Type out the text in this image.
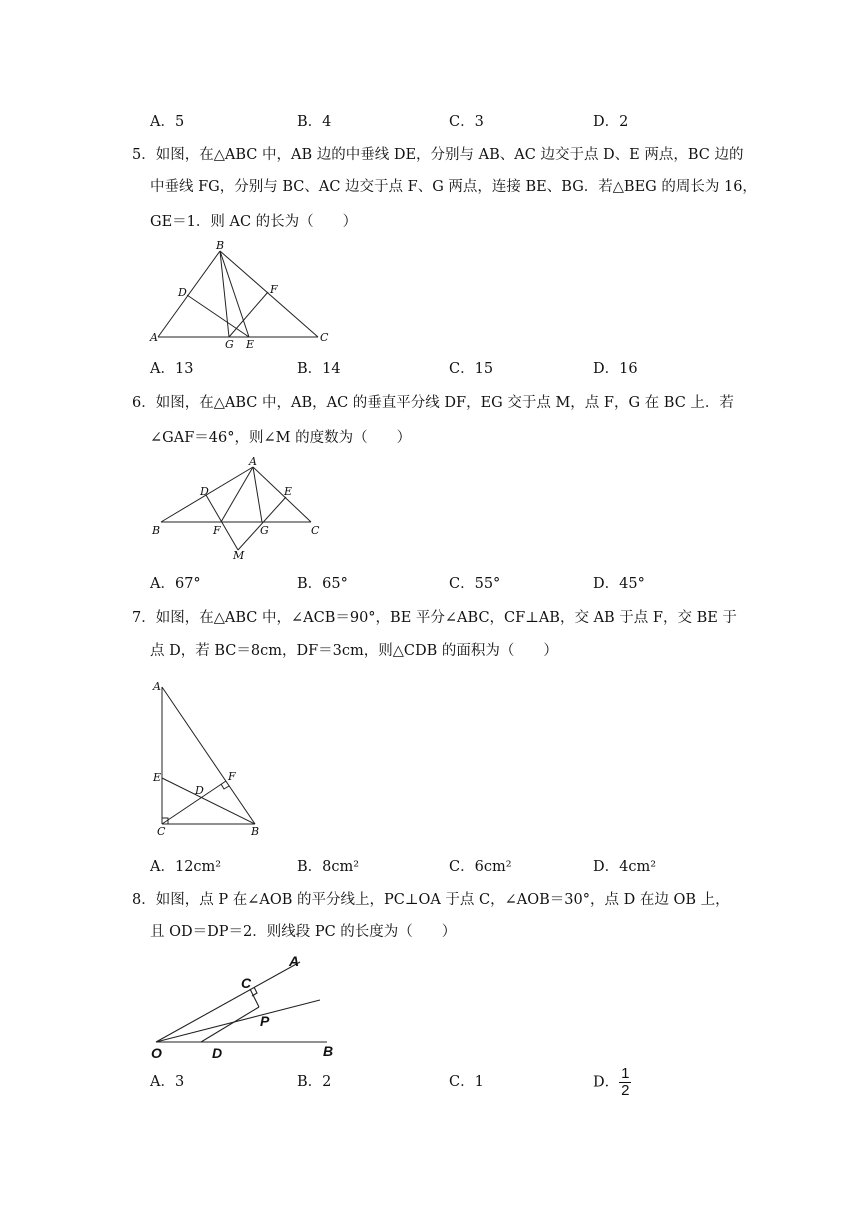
A．5	B．4	C．3	D．2
5．如图，在△ABC 中，AB 边的中垂线 DE，分别与 AB、AC 边交于点 D、E 两点，BC 边的
中垂线 FG，分别与 BC、AC 边交于点 F、G 两点，连接 BE、BG．若△BEG 的周长为 16，
GE＝1．则 AC 的长为（　　）
B
D	F
A	C
G E
A．13	B．14	C．15	D．16
6．如图，在△ABC 中，AB，AC 的垂直平分线 DF，EG 交于点 M，点 F，G 在 BC 上．若
∠GAF＝46°，则∠M 的度数为（　　）
A
D	E
B	F	G	C
M
A．67°	B．65°	C．55°	D．45°
7．如图，在△ABC 中，∠ACB＝90°，BE 平分∠ABC，CF⊥AB，交 AB 于点 F，交 BE 于
点 D，若 BC＝8cm，DF＝3cm，则△CDB 的面积为（　　）
A
E	F
D
C	B
A．12cm²	B．8cm²	C．6cm²	D．4cm²
8．如图，点 P 在∠AOB 的平分线上，PC⊥OA 于点 C，∠AOB＝30°，点 D 在边 OB 上，
且 OD＝DP＝2．则线段 PC 的长度为（　　）
A
C
P
O	D	B
A．3	B．2	C．1	D． $\frac{1}{2}$
